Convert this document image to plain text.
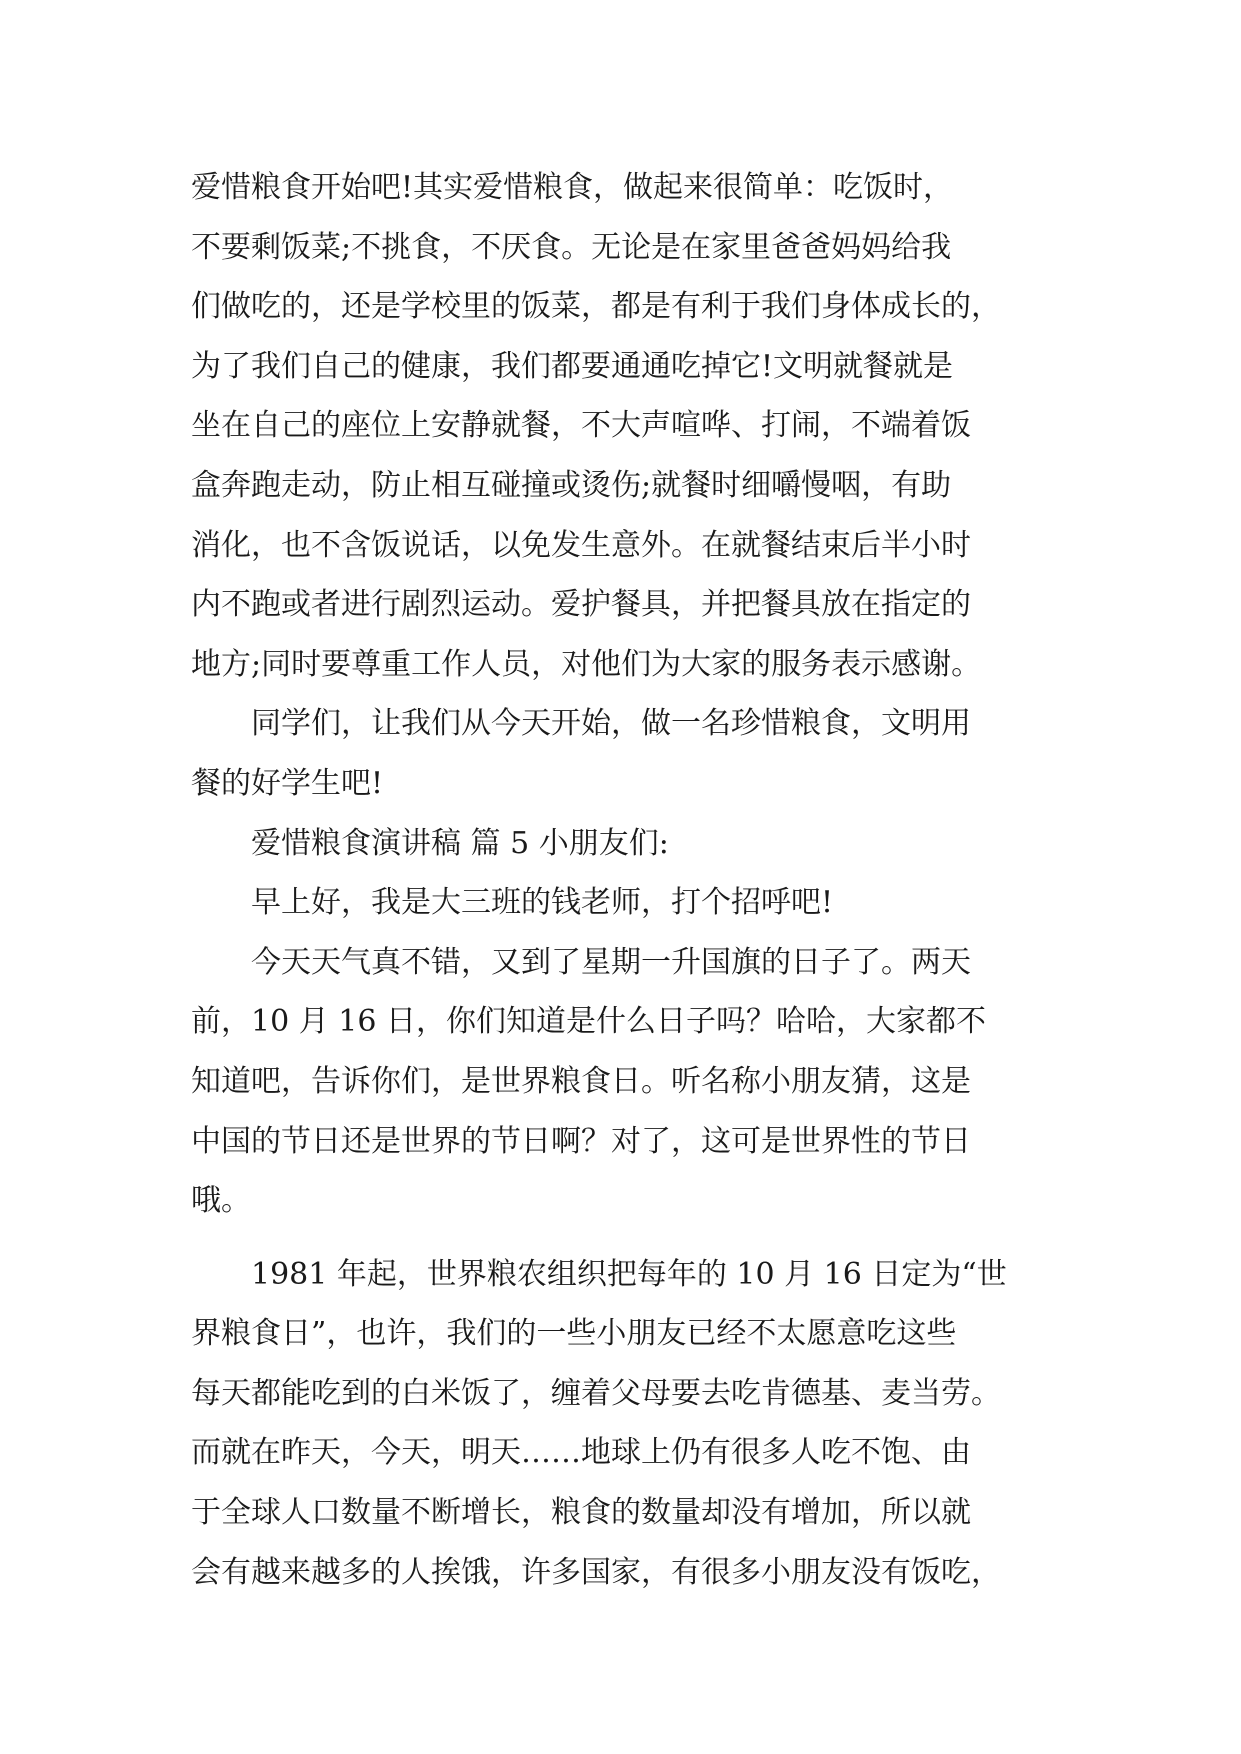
爱惜粮食开始吧!其实爱惜粮食，做起来很简单：吃饭时，
不要剩饭菜;不挑食，不厌食。无论是在家里爸爸妈妈给我
们做吃的，还是学校里的饭菜，都是有利于我们身体成长的，
为了我们自己的健康，我们都要通通吃掉它!文明就餐就是
坐在自己的座位上安静就餐，不大声喧哗、打闹，不端着饭
盒奔跑走动，防止相互碰撞或烫伤;就餐时细嚼慢咽，有助
消化，也不含饭说话，以免发生意外。在就餐结束后半小时
内不跑或者进行剧烈运动。爱护餐具，并把餐具放在指定的
地方;同时要尊重工作人员，对他们为大家的服务表示感谢。
同学们，让我们从今天开始，做一名珍惜粮食，文明用
餐的好学生吧!
爱惜粮食演讲稿 篇 5 小朋友们:
早上好，我是大三班的钱老师，打个招呼吧!
今天天气真不错，又到了星期一升国旗的日子了。两天
前，10 月 16 日，你们知道是什么日子吗？哈哈，大家都不
知道吧，告诉你们，是世界粮食日。听名称小朋友猜，这是
中国的节日还是世界的节日啊？对了，这可是世界性的节日
哦。
1981 年起，世界粮农组织把每年的 10 月 16 日定为“世
界粮食日”，也许，我们的一些小朋友已经不太愿意吃这些
每天都能吃到的白米饭了，缠着父母要去吃肯德基、麦当劳。
而就在昨天，今天，明天……地球上仍有很多人吃不饱、由
于全球人口数量不断增长，粮食的数量却没有增加，所以就
会有越来越多的人挨饿，许多国家，有很多小朋友没有饭吃，
